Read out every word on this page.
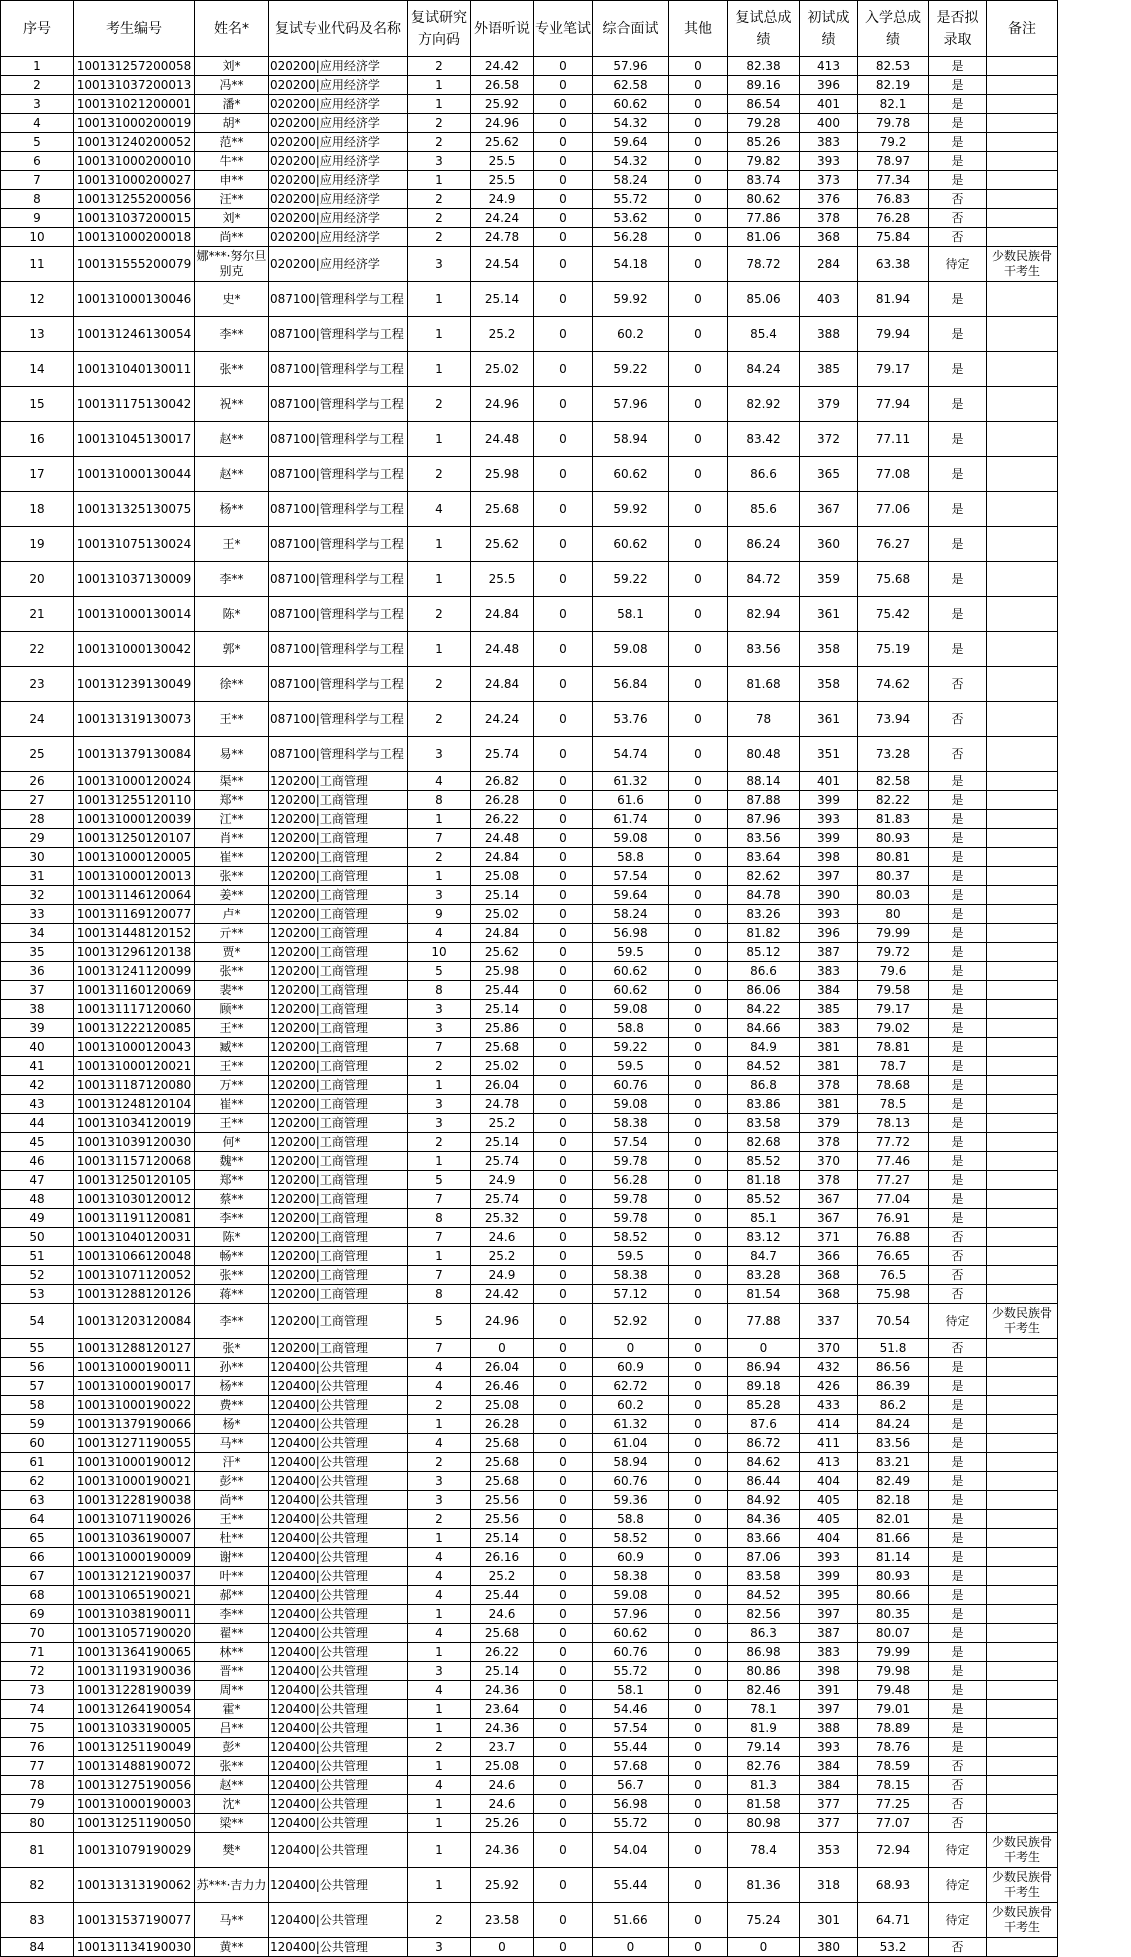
序号	考生编号	姓名*	复试专业代码及名称	复试研究方向码	外语听说	专业笔试	综合面试	其他	复试总成绩	初试成绩	入学总成绩	是否拟录取	备注
1	100131257200058	刘*	020200|应用经济学	2	24.42	0	57.96	0	82.38	413	82.53	是	
2	100131037200013	冯**	020200|应用经济学	1	26.58	0	62.58	0	89.16	396	82.19	是	
3	100131021200001	潘*	020200|应用经济学	1	25.92	0	60.62	0	86.54	401	82.1	是	
4	100131000200019	胡*	020200|应用经济学	2	24.96	0	54.32	0	79.28	400	79.78	是	
5	100131240200052	范**	020200|应用经济学	2	25.62	0	59.64	0	85.26	383	79.2	是	
6	100131000200010	牛**	020200|应用经济学	3	25.5	0	54.32	0	79.82	393	78.97	是	
7	100131000200027	申**	020200|应用经济学	1	25.5	0	58.24	0	83.74	373	77.34	是	
8	100131255200056	汪**	020200|应用经济学	2	24.9	0	55.72	0	80.62	376	76.83	否	
9	100131037200015	刘*	020200|应用经济学	2	24.24	0	53.62	0	77.86	378	76.28	否	
10	100131000200018	尚**	020200|应用经济学	2	24.78	0	56.28	0	81.06	368	75.84	否	
11	100131555200079	娜***·努尔旦别克	020200|应用经济学	3	24.54	0	54.18	0	78.72	284	63.38	待定	少数民族骨干考生
12	100131000130046	史*	087100|管理科学与工程	1	25.14	0	59.92	0	85.06	403	81.94	是	
13	100131246130054	李**	087100|管理科学与工程	1	25.2	0	60.2	0	85.4	388	79.94	是	
14	100131040130011	张**	087100|管理科学与工程	1	25.02	0	59.22	0	84.24	385	79.17	是	
15	100131175130042	祝**	087100|管理科学与工程	2	24.96	0	57.96	0	82.92	379	77.94	是	
16	100131045130017	赵**	087100|管理科学与工程	1	24.48	0	58.94	0	83.42	372	77.11	是	
17	100131000130044	赵**	087100|管理科学与工程	2	25.98	0	60.62	0	86.6	365	77.08	是	
18	100131325130075	杨**	087100|管理科学与工程	4	25.68	0	59.92	0	85.6	367	77.06	是	
19	100131075130024	王*	087100|管理科学与工程	1	25.62	0	60.62	0	86.24	360	76.27	是	
20	100131037130009	李**	087100|管理科学与工程	1	25.5	0	59.22	0	84.72	359	75.68	是	
21	100131000130014	陈*	087100|管理科学与工程	2	24.84	0	58.1	0	82.94	361	75.42	是	
22	100131000130042	郭*	087100|管理科学与工程	1	24.48	0	59.08	0	83.56	358	75.19	是	
23	100131239130049	徐**	087100|管理科学与工程	2	24.84	0	56.84	0	81.68	358	74.62	否	
24	100131319130073	王**	087100|管理科学与工程	2	24.24	0	53.76	0	78	361	73.94	否	
25	100131379130084	易**	087100|管理科学与工程	3	25.74	0	54.74	0	80.48	351	73.28	否	
26	100131000120024	渠**	120200|工商管理	4	26.82	0	61.32	0	88.14	401	82.58	是	
27	100131255120110	郑**	120200|工商管理	8	26.28	0	61.6	0	87.88	399	82.22	是	
28	100131000120039	江**	120200|工商管理	1	26.22	0	61.74	0	87.96	393	81.83	是	
29	100131250120107	肖**	120200|工商管理	7	24.48	0	59.08	0	83.56	399	80.93	是	
30	100131000120005	崔**	120200|工商管理	2	24.84	0	58.8	0	83.64	398	80.81	是	
31	100131000120013	张**	120200|工商管理	1	25.08	0	57.54	0	82.62	397	80.37	是	
32	100131146120064	姜**	120200|工商管理	3	25.14	0	59.64	0	84.78	390	80.03	是	
33	100131169120077	卢*	120200|工商管理	9	25.02	0	58.24	0	83.26	393	80	是	
34	100131448120152	亓**	120200|工商管理	4	24.84	0	56.98	0	81.82	396	79.99	是	
35	100131296120138	贾*	120200|工商管理	10	25.62	0	59.5	0	85.12	387	79.72	是	
36	100131241120099	张**	120200|工商管理	5	25.98	0	60.62	0	86.6	383	79.6	是	
37	100131160120069	裴**	120200|工商管理	8	25.44	0	60.62	0	86.06	384	79.58	是	
38	100131117120060	顾**	120200|工商管理	3	25.14	0	59.08	0	84.22	385	79.17	是	
39	100131222120085	王**	120200|工商管理	3	25.86	0	58.8	0	84.66	383	79.02	是	
40	100131000120043	臧**	120200|工商管理	7	25.68	0	59.22	0	84.9	381	78.81	是	
41	100131000120021	王**	120200|工商管理	2	25.02	0	59.5	0	84.52	381	78.7	是	
42	100131187120080	万**	120200|工商管理	1	26.04	0	60.76	0	86.8	378	78.68	是	
43	100131248120104	崔**	120200|工商管理	3	24.78	0	59.08	0	83.86	381	78.5	是	
44	100131034120019	王**	120200|工商管理	3	25.2	0	58.38	0	83.58	379	78.13	是	
45	100131039120030	何*	120200|工商管理	2	25.14	0	57.54	0	82.68	378	77.72	是	
46	100131157120068	魏**	120200|工商管理	1	25.74	0	59.78	0	85.52	370	77.46	是	
47	100131250120105	郑**	120200|工商管理	5	24.9	0	56.28	0	81.18	378	77.27	是	
48	100131030120012	蔡**	120200|工商管理	7	25.74	0	59.78	0	85.52	367	77.04	是	
49	100131191120081	李**	120200|工商管理	8	25.32	0	59.78	0	85.1	367	76.91	是	
50	100131040120031	陈*	120200|工商管理	7	24.6	0	58.52	0	83.12	371	76.88	否	
51	100131066120048	畅**	120200|工商管理	1	25.2	0	59.5	0	84.7	366	76.65	否	
52	100131071120052	张**	120200|工商管理	7	24.9	0	58.38	0	83.28	368	76.5	否	
53	100131288120126	蒋**	120200|工商管理	8	24.42	0	57.12	0	81.54	368	75.98	否	
54	100131203120084	李**	120200|工商管理	5	24.96	0	52.92	0	77.88	337	70.54	待定	少数民族骨干考生
55	100131288120127	张*	120200|工商管理	7	0	0	0	0	0	370	51.8	否	
56	100131000190011	孙**	120400|公共管理	4	26.04	0	60.9	0	86.94	432	86.56	是	
57	100131000190017	杨**	120400|公共管理	4	26.46	0	62.72	0	89.18	426	86.39	是	
58	100131000190022	费**	120400|公共管理	2	25.08	0	60.2	0	85.28	433	86.2	是	
59	100131379190066	杨*	120400|公共管理	1	26.28	0	61.32	0	87.6	414	84.24	是	
60	100131271190055	马**	120400|公共管理	4	25.68	0	61.04	0	86.72	411	83.56	是	
61	100131000190012	汗*	120400|公共管理	2	25.68	0	58.94	0	84.62	413	83.21	是	
62	100131000190021	彭**	120400|公共管理	3	25.68	0	60.76	0	86.44	404	82.49	是	
63	100131228190038	尚**	120400|公共管理	3	25.56	0	59.36	0	84.92	405	82.18	是	
64	100131071190026	王**	120400|公共管理	2	25.56	0	58.8	0	84.36	405	82.01	是	
65	100131036190007	杜**	120400|公共管理	1	25.14	0	58.52	0	83.66	404	81.66	是	
66	100131000190009	谢**	120400|公共管理	4	26.16	0	60.9	0	87.06	393	81.14	是	
67	100131212190037	叶**	120400|公共管理	4	25.2	0	58.38	0	83.58	399	80.93	是	
68	100131065190021	郝**	120400|公共管理	4	25.44	0	59.08	0	84.52	395	80.66	是	
69	100131038190011	李**	120400|公共管理	1	24.6	0	57.96	0	82.56	397	80.35	是	
70	100131057190020	翟**	120400|公共管理	4	25.68	0	60.62	0	86.3	387	80.07	是	
71	100131364190065	林**	120400|公共管理	1	26.22	0	60.76	0	86.98	383	79.99	是	
72	100131193190036	晋**	120400|公共管理	3	25.14	0	55.72	0	80.86	398	79.98	是	
73	100131228190039	周**	120400|公共管理	4	24.36	0	58.1	0	82.46	391	79.48	是	
74	100131264190054	霍*	120400|公共管理	1	23.64	0	54.46	0	78.1	397	79.01	是	
75	100131033190005	吕**	120400|公共管理	1	24.36	0	57.54	0	81.9	388	78.89	是	
76	100131251190049	彭*	120400|公共管理	2	23.7	0	55.44	0	79.14	393	78.76	是	
77	100131488190072	张**	120400|公共管理	1	25.08	0	57.68	0	82.76	384	78.59	否	
78	100131275190056	赵**	120400|公共管理	4	24.6	0	56.7	0	81.3	384	78.15	否	
79	100131000190003	沈*	120400|公共管理	1	24.6	0	56.98	0	81.58	377	77.25	否	
80	100131251190050	梁**	120400|公共管理	1	25.26	0	55.72	0	80.98	377	77.07	否	
81	100131079190029	樊*	120400|公共管理	1	24.36	0	54.04	0	78.4	353	72.94	待定	少数民族骨干考生
82	100131313190062	苏***·吉力力	120400|公共管理	1	25.92	0	55.44	0	81.36	318	68.93	待定	少数民族骨干考生
83	100131537190077	马**	120400|公共管理	2	23.58	0	51.66	0	75.24	301	64.71	待定	少数民族骨干考生
84	100131134190030	黄**	120400|公共管理	3	0	0	0	0	0	380	53.2	否	
